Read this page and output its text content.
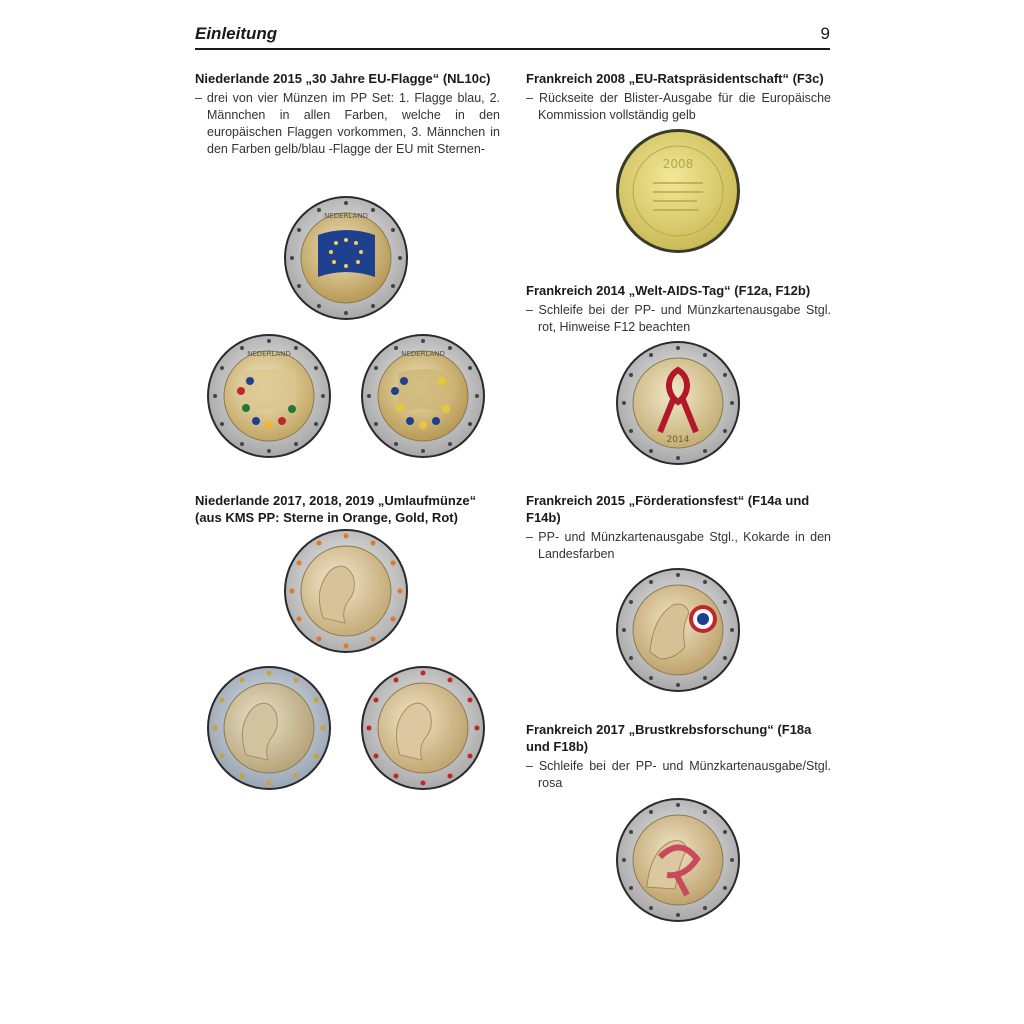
Einleitung	9

Niederlande 2015 „30 Jahre EU-Flagge“ (NL10c)

– drei von vier Münzen im PP Set: 1. Flagge blau, 2. Männchen in allen Farben, welche in den europäischen Flaggen vorkommen, 3. Männchen in den Farben gelb/blau -Flagge der EU mit Sternen-

NEDERLAND
NEDERLAND	NEDERLAND

Niederlande 2017, 2018, 2019 „Umlaufmünze“ (aus KMS PP: Sterne in Orange, Gold, Rot)

Frankreich 2008 „EU-Ratspräsidentschaft“ (F3c)

– Rückseite der Blister-Ausgabe für die Europäische Kommission vollständig gelb

2008

Frankreich 2014 „Welt-AIDS-Tag“ (F12a, F12b)

– Schleife bei der PP- und Münzkartenausgabe Stgl. rot, Hinweise F12 beachten

2014

Frankreich 2015 „Förderationsfest“ (F14a und F14b)

– PP- und Münzkartenausgabe Stgl., Kokarde in den Landesfarben

Frankreich 2017 „Brustkrebsforschung“ (F18a und F18b)

– Schleife bei der PP- und Münzkartenausgabe/Stgl. rosa
